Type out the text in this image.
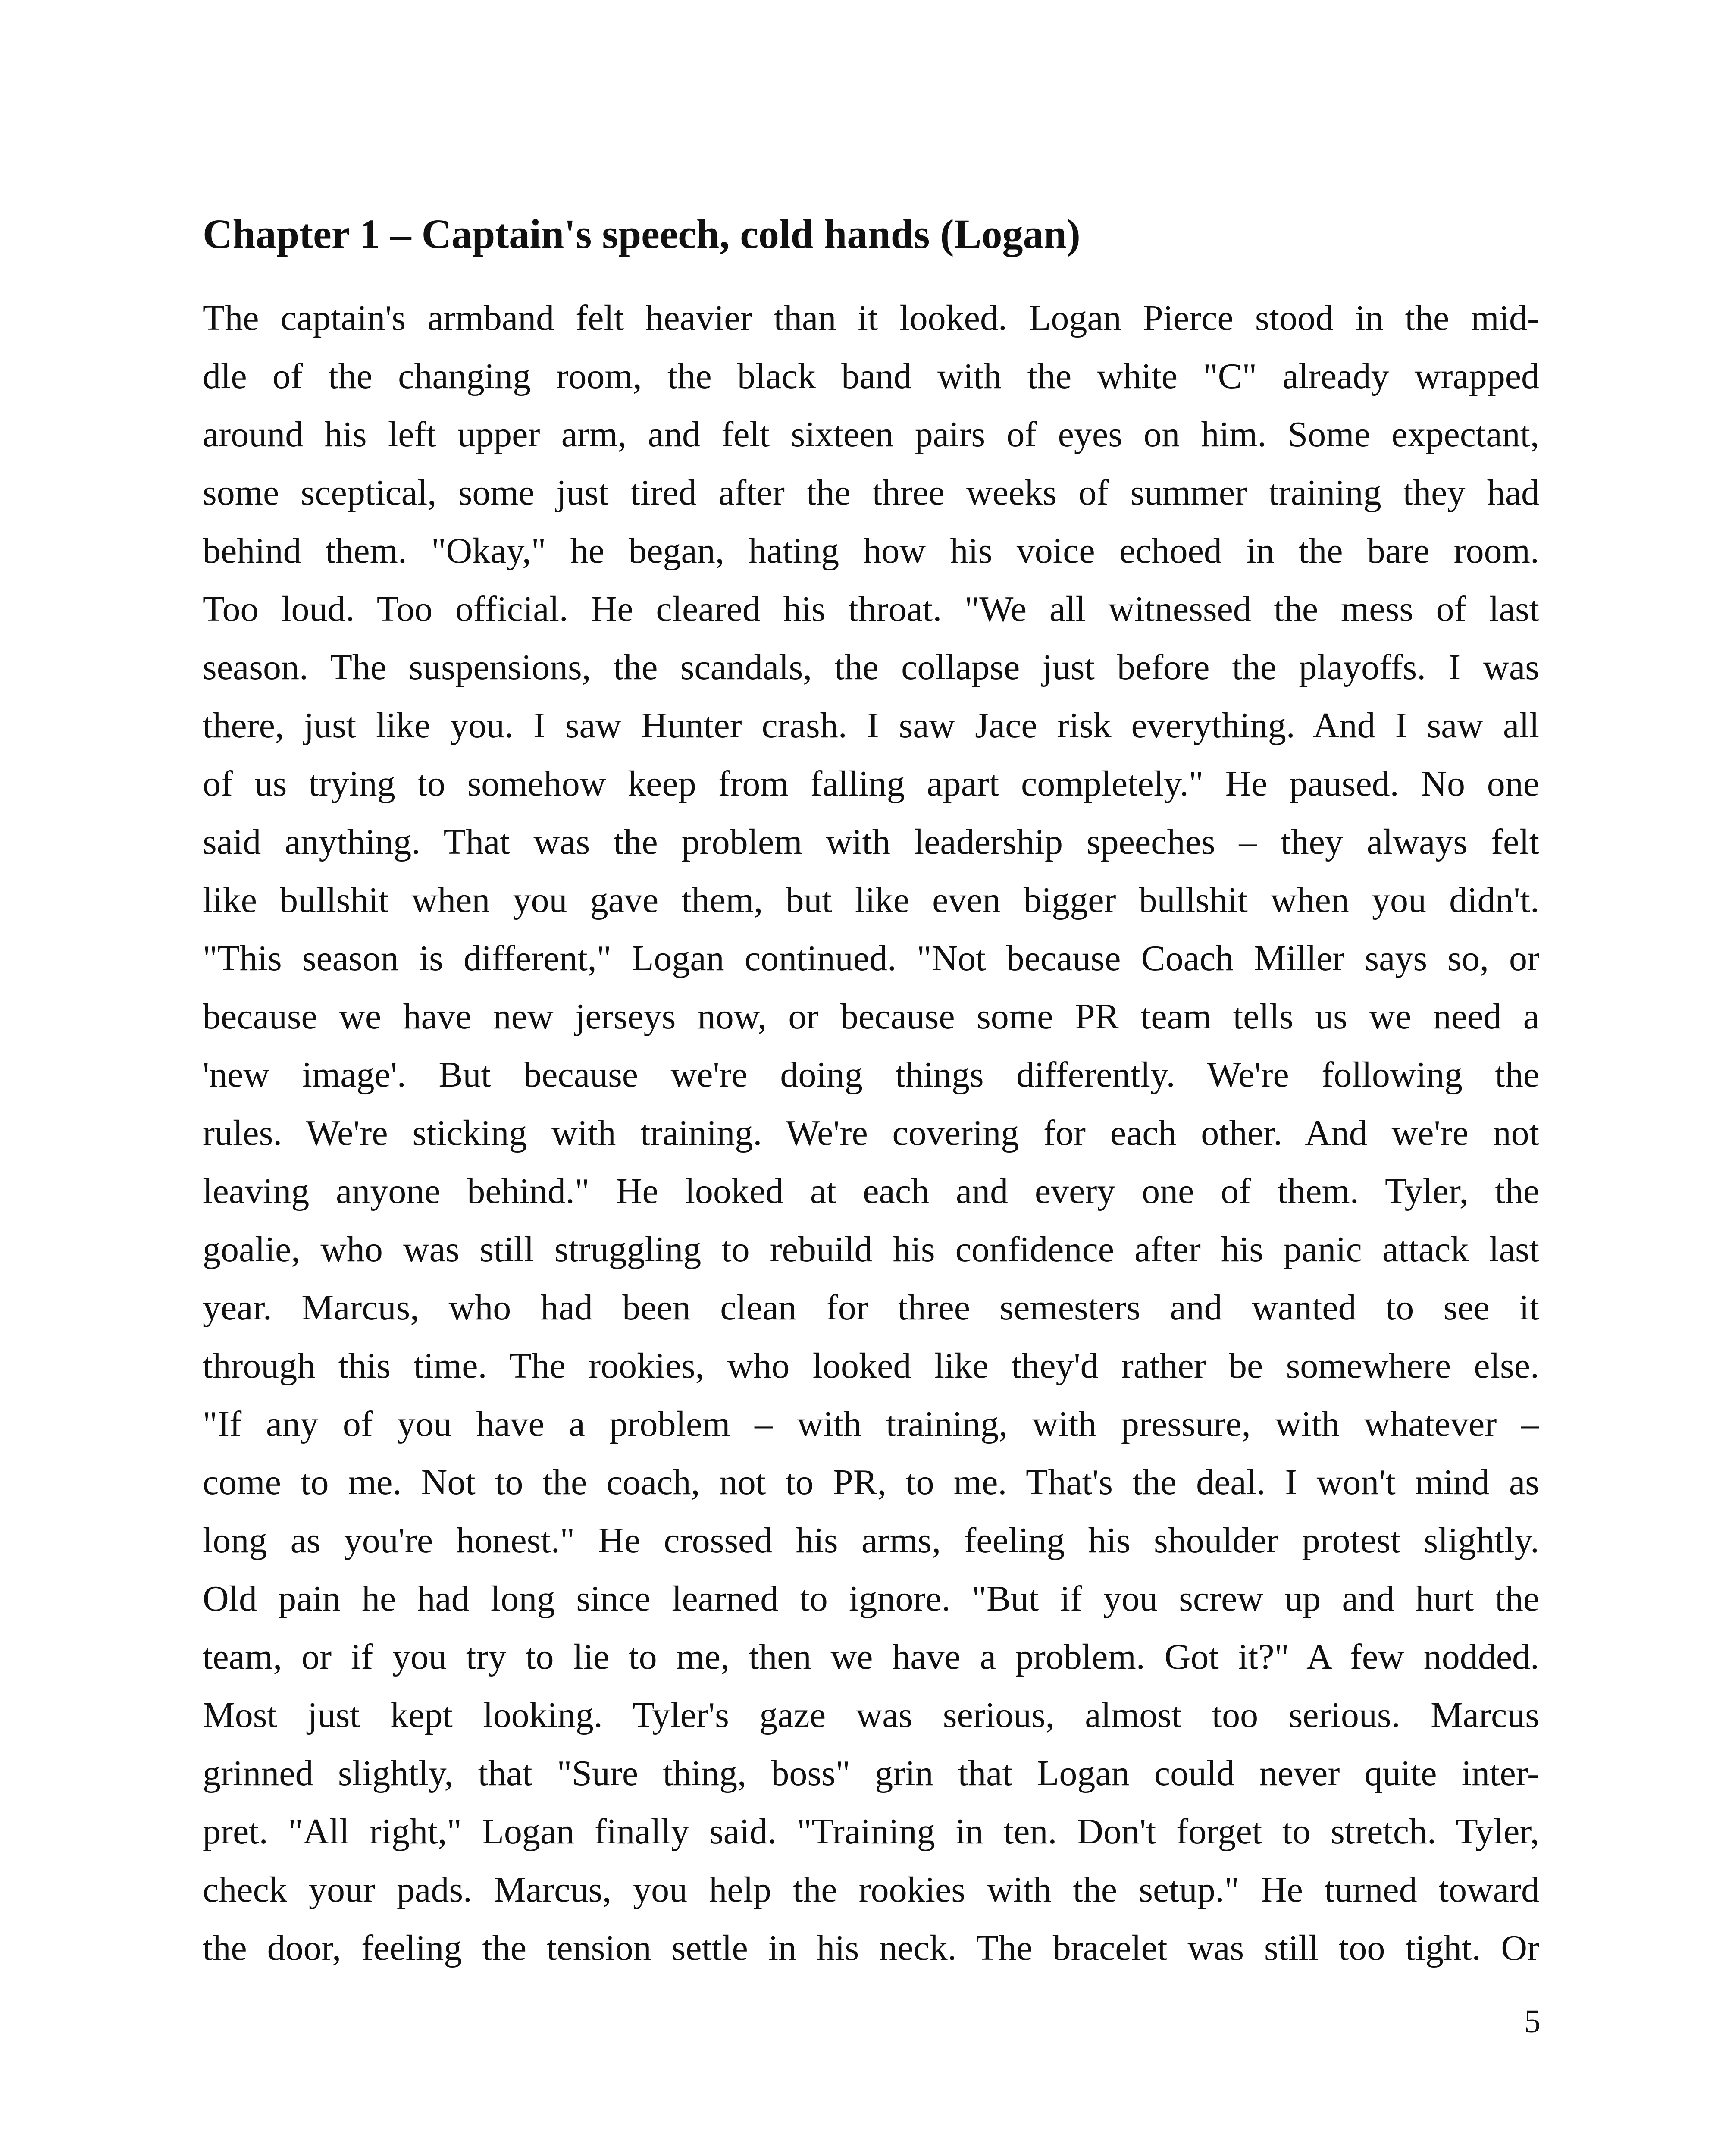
Chapter 1 – Captain's speech, cold hands (Logan)
The captain's armband felt heavier than it looked. Logan Pierce stood in the mid-
dle of the changing room, the black band with the white "C" already wrapped
around his left upper arm, and felt sixteen pairs of eyes on him. Some expectant,
some sceptical, some just tired after the three weeks of summer training they had
behind them. "Okay," he began, hating how his voice echoed in the bare room.
Too loud. Too official. He cleared his throat. "We all witnessed the mess of last
season. The suspensions, the scandals, the collapse just before the playoffs. I was
there, just like you. I saw Hunter crash. I saw Jace risk everything. And I saw all
of us trying to somehow keep from falling apart completely." He paused. No one
said anything. That was the problem with leadership speeches – they always felt
like bullshit when you gave them, but like even bigger bullshit when you didn't.
"This season is different," Logan continued. "Not because Coach Miller says so, or
because we have new jerseys now, or because some PR team tells us we need a
'new image'. But because we're doing things differently. We're following the
rules. We're sticking with training. We're covering for each other. And we're not
leaving anyone behind." He looked at each and every one of them. Tyler, the
goalie, who was still struggling to rebuild his confidence after his panic attack last
year. Marcus, who had been clean for three semesters and wanted to see it
through this time. The rookies, who looked like they'd rather be somewhere else.
"If any of you have a problem – with training, with pressure, with whatever –
come to me. Not to the coach, not to PR, to me. That's the deal. I won't mind as
long as you're honest." He crossed his arms, feeling his shoulder protest slightly.
Old pain he had long since learned to ignore. "But if you screw up and hurt the
team, or if you try to lie to me, then we have a problem. Got it?" A few nodded.
Most just kept looking. Tyler's gaze was serious, almost too serious. Marcus
grinned slightly, that "Sure thing, boss" grin that Logan could never quite inter-
pret. "All right," Logan finally said. "Training in ten. Don't forget to stretch. Tyler,
check your pads. Marcus, you help the rookies with the setup." He turned toward
the door, feeling the tension settle in his neck. The bracelet was still too tight. Or
5
